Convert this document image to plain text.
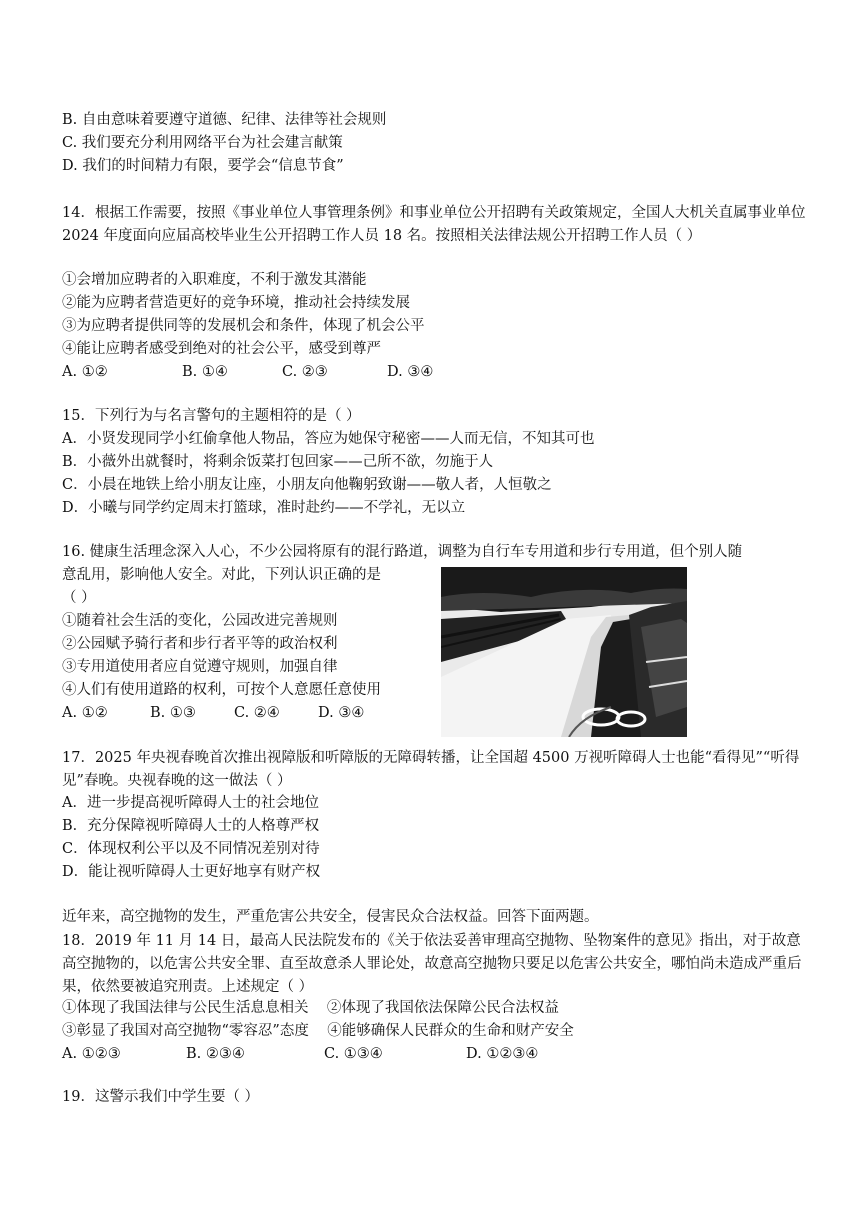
B. 自由意味着要遵守道德、纪律、法律等社会规则
C. 我们要充分利用网络平台为社会建言献策
D. 我们的时间精力有限，要学会“信息节食”
14．根据工作需要，按照《事业单位人事管理条例》和事业单位公开招聘有关政策规定，全国人大机关直属事业单位 2024 年度面向应届高校毕业生公开招聘工作人员 18 名。按照相关法律法规公开招聘工作人员（ ）
①会增加应聘者的入职难度，不利于激发其潜能
②能为应聘者营造更好的竞争环境，推动社会持续发展
③为应聘者提供同等的发展机会和条件，体现了机会公平
④能让应聘者感受到绝对的社会公平，感受到尊严
A. ①②	B. ①④	C. ②③	D. ③④
15．下列行为与名言警句的主题相符的是（ ）
A．小贤发现同学小红偷拿他人物品，答应为她保守秘密——人而无信，不知其可也
B．小薇外出就餐时，将剩余饭菜打包回家——己所不欲，勿施于人
C．小晨在地铁上给小朋友让座，小朋友向他鞠躬致谢——敬人者，人恒敬之
D．小曦与同学约定周末打篮球，准时赴约——不学礼，无以立
16. 健康生活理念深入人心，不少公园将原有的混行路道，调整为自行车专用道和步行专用道，但个别人随
意乱用，影响他人安全。对此，下列认识正确的是
（ ）
①随着社会生活的变化，公园改进完善规则
②公园赋予骑行者和步行者平等的政治权利
③专用道使用者应自觉遵守规则，加强自律
④人们有使用道路的权利，可按个人意愿任意使用
A. ①②	B. ①③	C. ②④	D. ③④
17．2025 年央视春晚首次推出视障版和听障版的无障碍转播，让全国超 4500 万视听障碍人士也能“看得见”“听得见”春晚。央视春晚的这一做法（ ）
A．进一步提高视听障碍人士的社会地位
B．充分保障视听障碍人士的人格尊严权
C．体现权利公平以及不同情况差别对待
D．能让视听障碍人士更好地享有财产权
近年来，高空抛物的发生，严重危害公共安全，侵害民众合法权益。回答下面两题。
18．2019 年 11 月 14 日，最高人民法院发布的《关于依法妥善审理高空抛物、坠物案件的意见》指出，对于故意高空抛物的，以危害公共安全罪、直至故意杀人罪论处，故意高空抛物只要足以危害公共安全，哪怕尚未造成严重后果，依然要被追究刑责。上述规定（ ）
①体现了我国法律与公民生活息息相关    ②体现了我国依法保障公民合法权益
③彰显了我国对高空抛物“零容忍”态度    ④能够确保人民群众的生命和财产安全
A. ①②③	B. ②③④	C. ①③④	D. ①②③④
19．这警示我们中学生要（ ）
